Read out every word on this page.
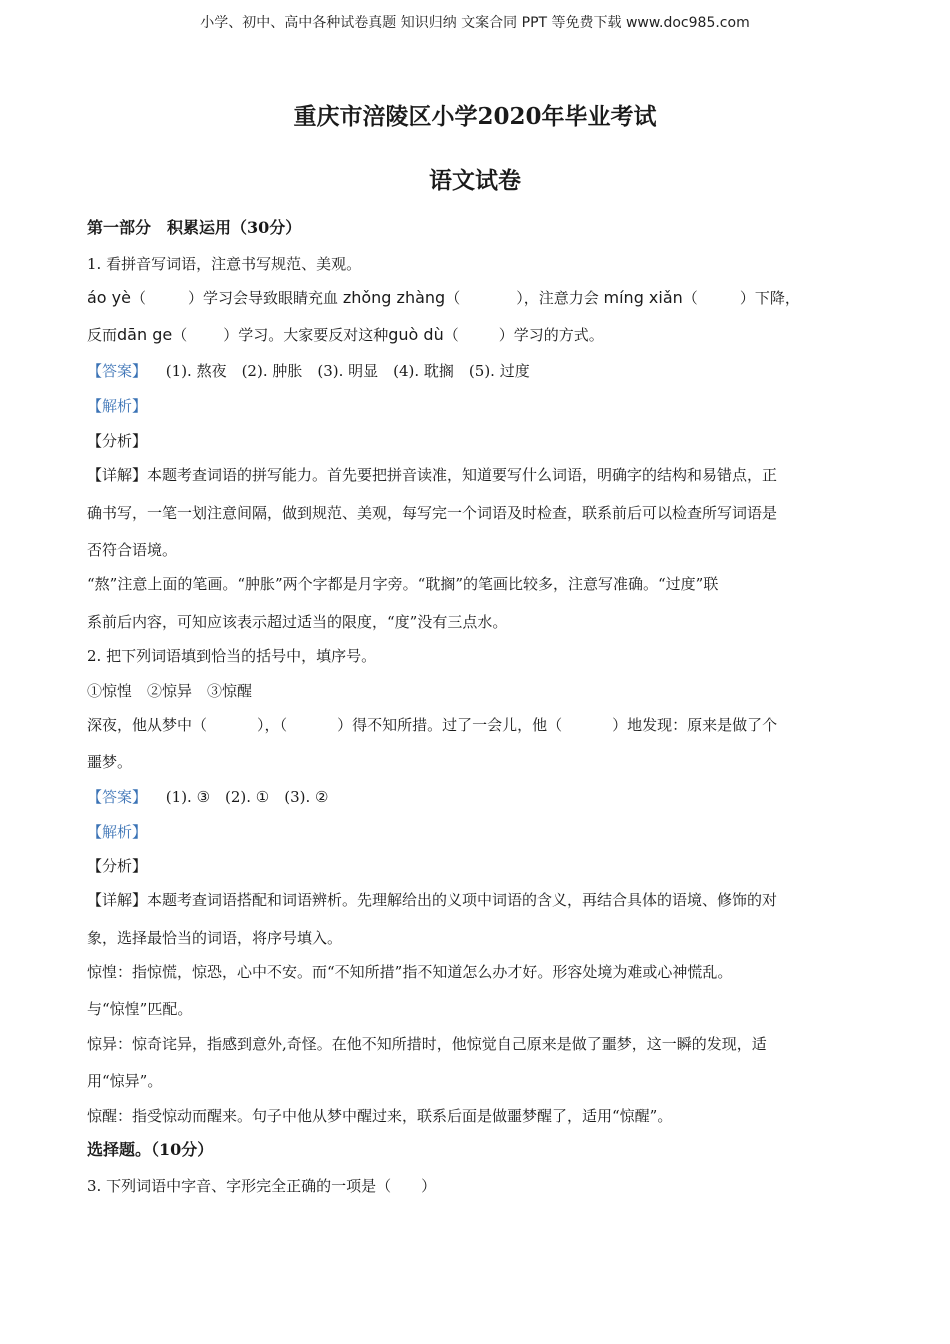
小学、初中、高中各种试卷真题 知识归纳 文案合同 PPT 等免费下载 www.doc985.com
重庆市涪陵区小学2020年毕业考试
语文试卷
第一部分　积累运用（30分）
1. 看拼音写词语，注意书写规范、美观。
áo yè（	）学习会导致眼睛充血 zhǒng zhàng（	），注意力会 míng xiǎn（	）下降，
反而dān ge（ ）学习。大家要反对这种guò dù（	）学习的方式。
【答案】 (1). 熬夜　(2). 肿胀　(3). 明显　(4). 耽搁　(5). 过度
【解析】
【分析】
【详解】本题考查词语的拼写能力。首先要把拼音读准，知道要写什么词语，明确字的结构和易错点，正
确书写，一笔一划注意间隔，做到规范、美观，每写完一个词语及时检查，联系前后可以检查所写词语是
否符合语境。
“熬”注意上面的笔画。“肿胀”两个字都是月字旁。“耽搁”的笔画比较多，注意写准确。“过度”联
系前后内容，可知应该表示超过适当的限度，“度”没有三点水。
2. 把下列词语填到恰当的括号中，填序号。
①惊惶　②惊异　③惊醒
深夜，他从梦中（	），（	）得不知所措。过了一会儿，他（	）地发现：原来是做了个
噩梦。
【答案】 (1). ③　(2). ①　(3). ②
【解析】
【分析】
【详解】本题考查词语搭配和词语辨析。先理解给出的义项中词语的含义，再结合具体的语境、修饰的对
象，选择最恰当的词语，将序号填入。
惊惶：指惊慌，惊恐，心中不安。而“不知所措”指不知道怎么办才好。形容处境为难或心神慌乱。
与“惊惶”匹配。
惊异：惊奇诧异，指感到意外,奇怪。在他不知所措时，他惊觉自己原来是做了噩梦，这一瞬的发现，适
用“惊异”。
惊醒：指受惊动而醒来。句子中他从梦中醒过来，联系后面是做噩梦醒了，适用“惊醒”。
选择题。（10分）
3. 下列词语中字音、字形完全正确的一项是（　　）
